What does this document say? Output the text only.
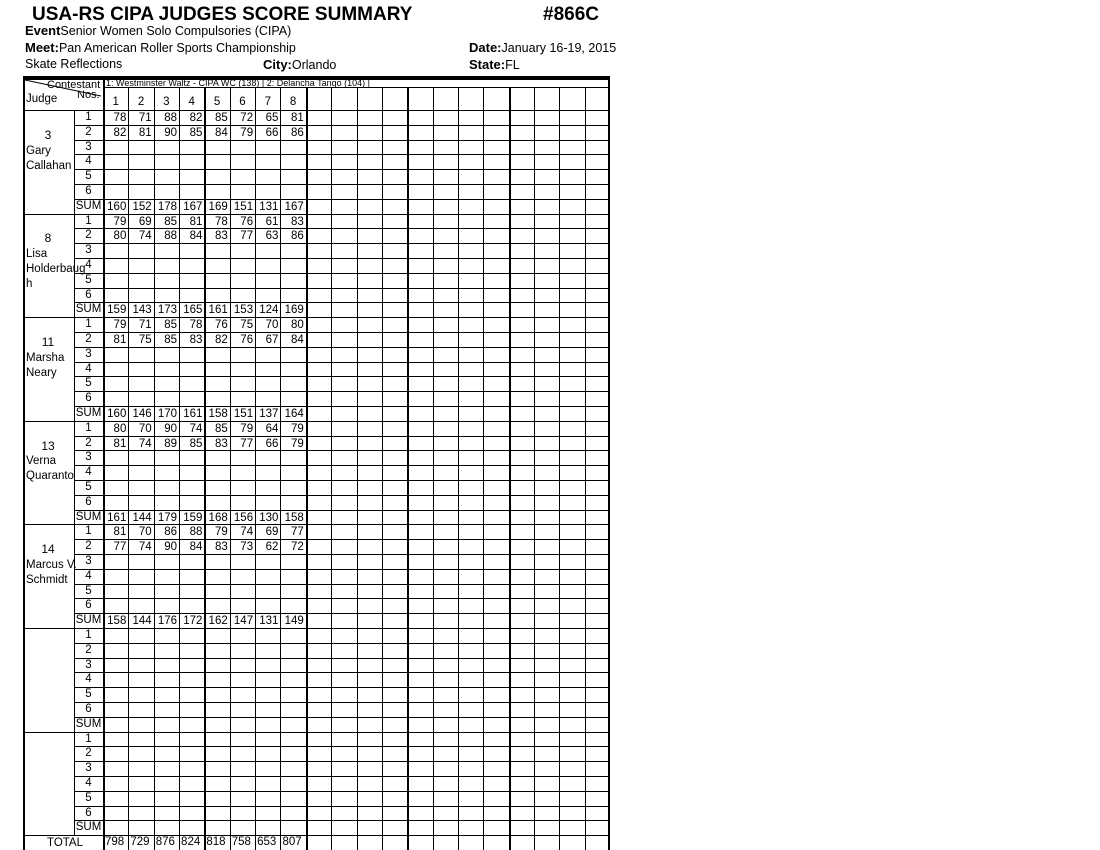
USA-RS CIPA JUDGES SCORE SUMMARY	#866C
EventSenior Women Solo Compulsories (CIPA)
Meet:Pan American Roller Sports Championship	Date:January 16-19, 2015
Skate Reflections	City:Orlando	State:FL
Contestant
Nos.
Judge
1: Westminster Waltz - CIPA WC (138) | 2: Delancha Tango (104) |
1	2	3	4	5	6	7	8
3
Gary
Callahan
1	78	71	88	82	85	72	65	81
2	82	81	90	85	84	79	66	86
3
4
5
6
SUM 160 152 178 167 169 151 131 167
8
Lisa
Holderbaug
h
1	79	69	85	81	78	76	61	83
2	80	74	88	84	83	77	63	86
3
4
5
6
SUM 159 143 173 165 161 153 124 169
11
Marsha
Neary
1	79	71	85	78	76	75	70	80
2	81	75	85	83	82	76	67	84
3
4
5
6
SUM 160 146 170 161 158 151 137 164
13
Verna
Quaranto
1	80	70	90	74	85	79	64	79
2	81	74	89	85	83	77	66	79
3
4
5
6
SUM 161 144 179 159 168 156 130 158
14
Marcus V.
Schmidt
1	81	70	86	88	79	74	69	77
2	77	74	90	84	83	73	62	72
3
4
5
6
SUM 158 144 176 172 162 147 131 149
1
2
3
4
5
6
SUM
1
2
3
4
5
6
SUM
TOTAL 798 729 876 824 818 758 653 807
